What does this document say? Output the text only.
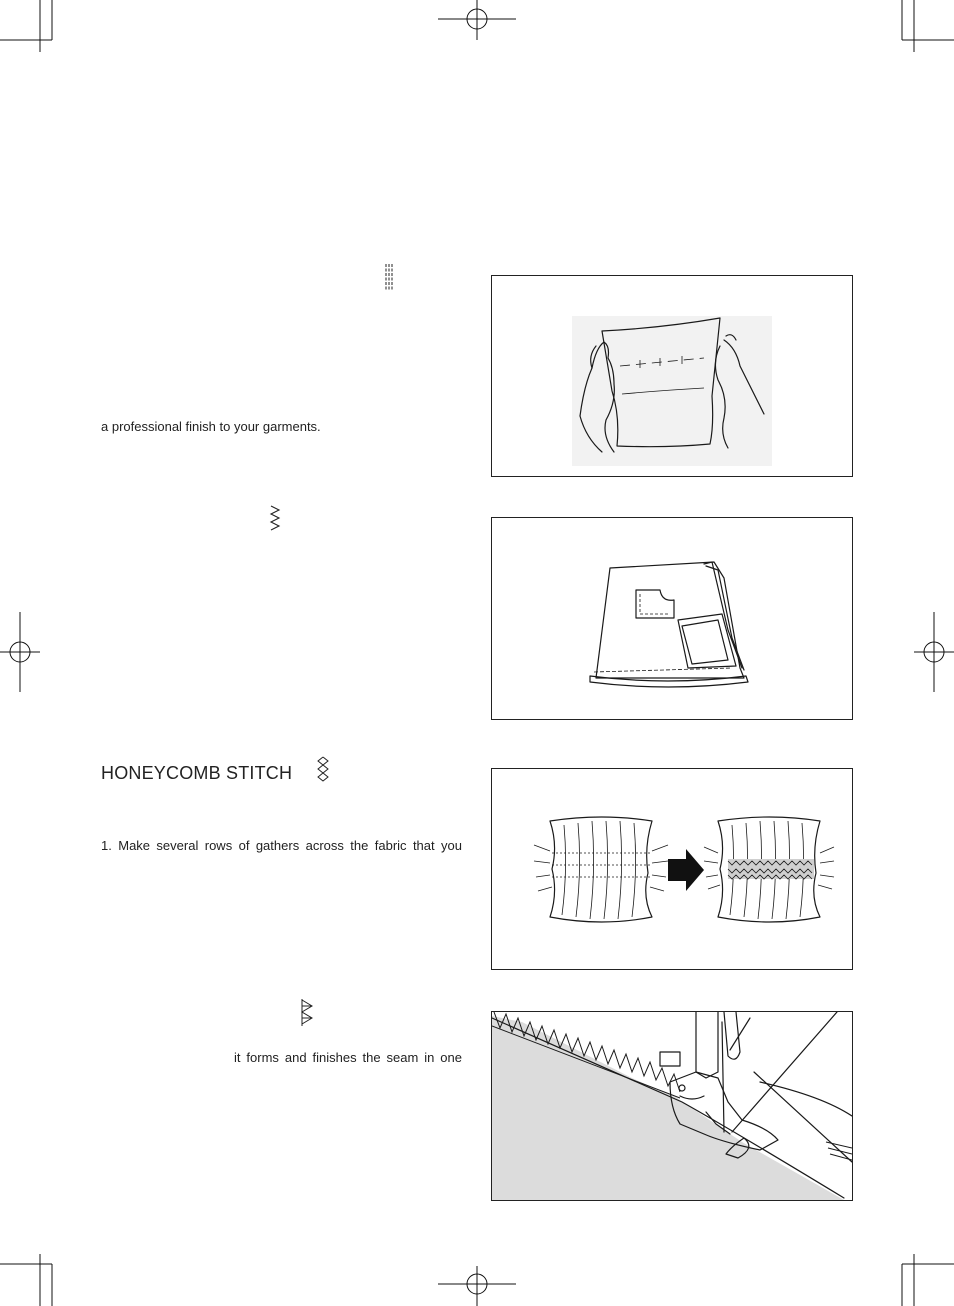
a professional finish to your garments.
HONEYCOMB STITCH
1. Make several rows of gathers across the fabric that you
it forms and finishes the seam in one
